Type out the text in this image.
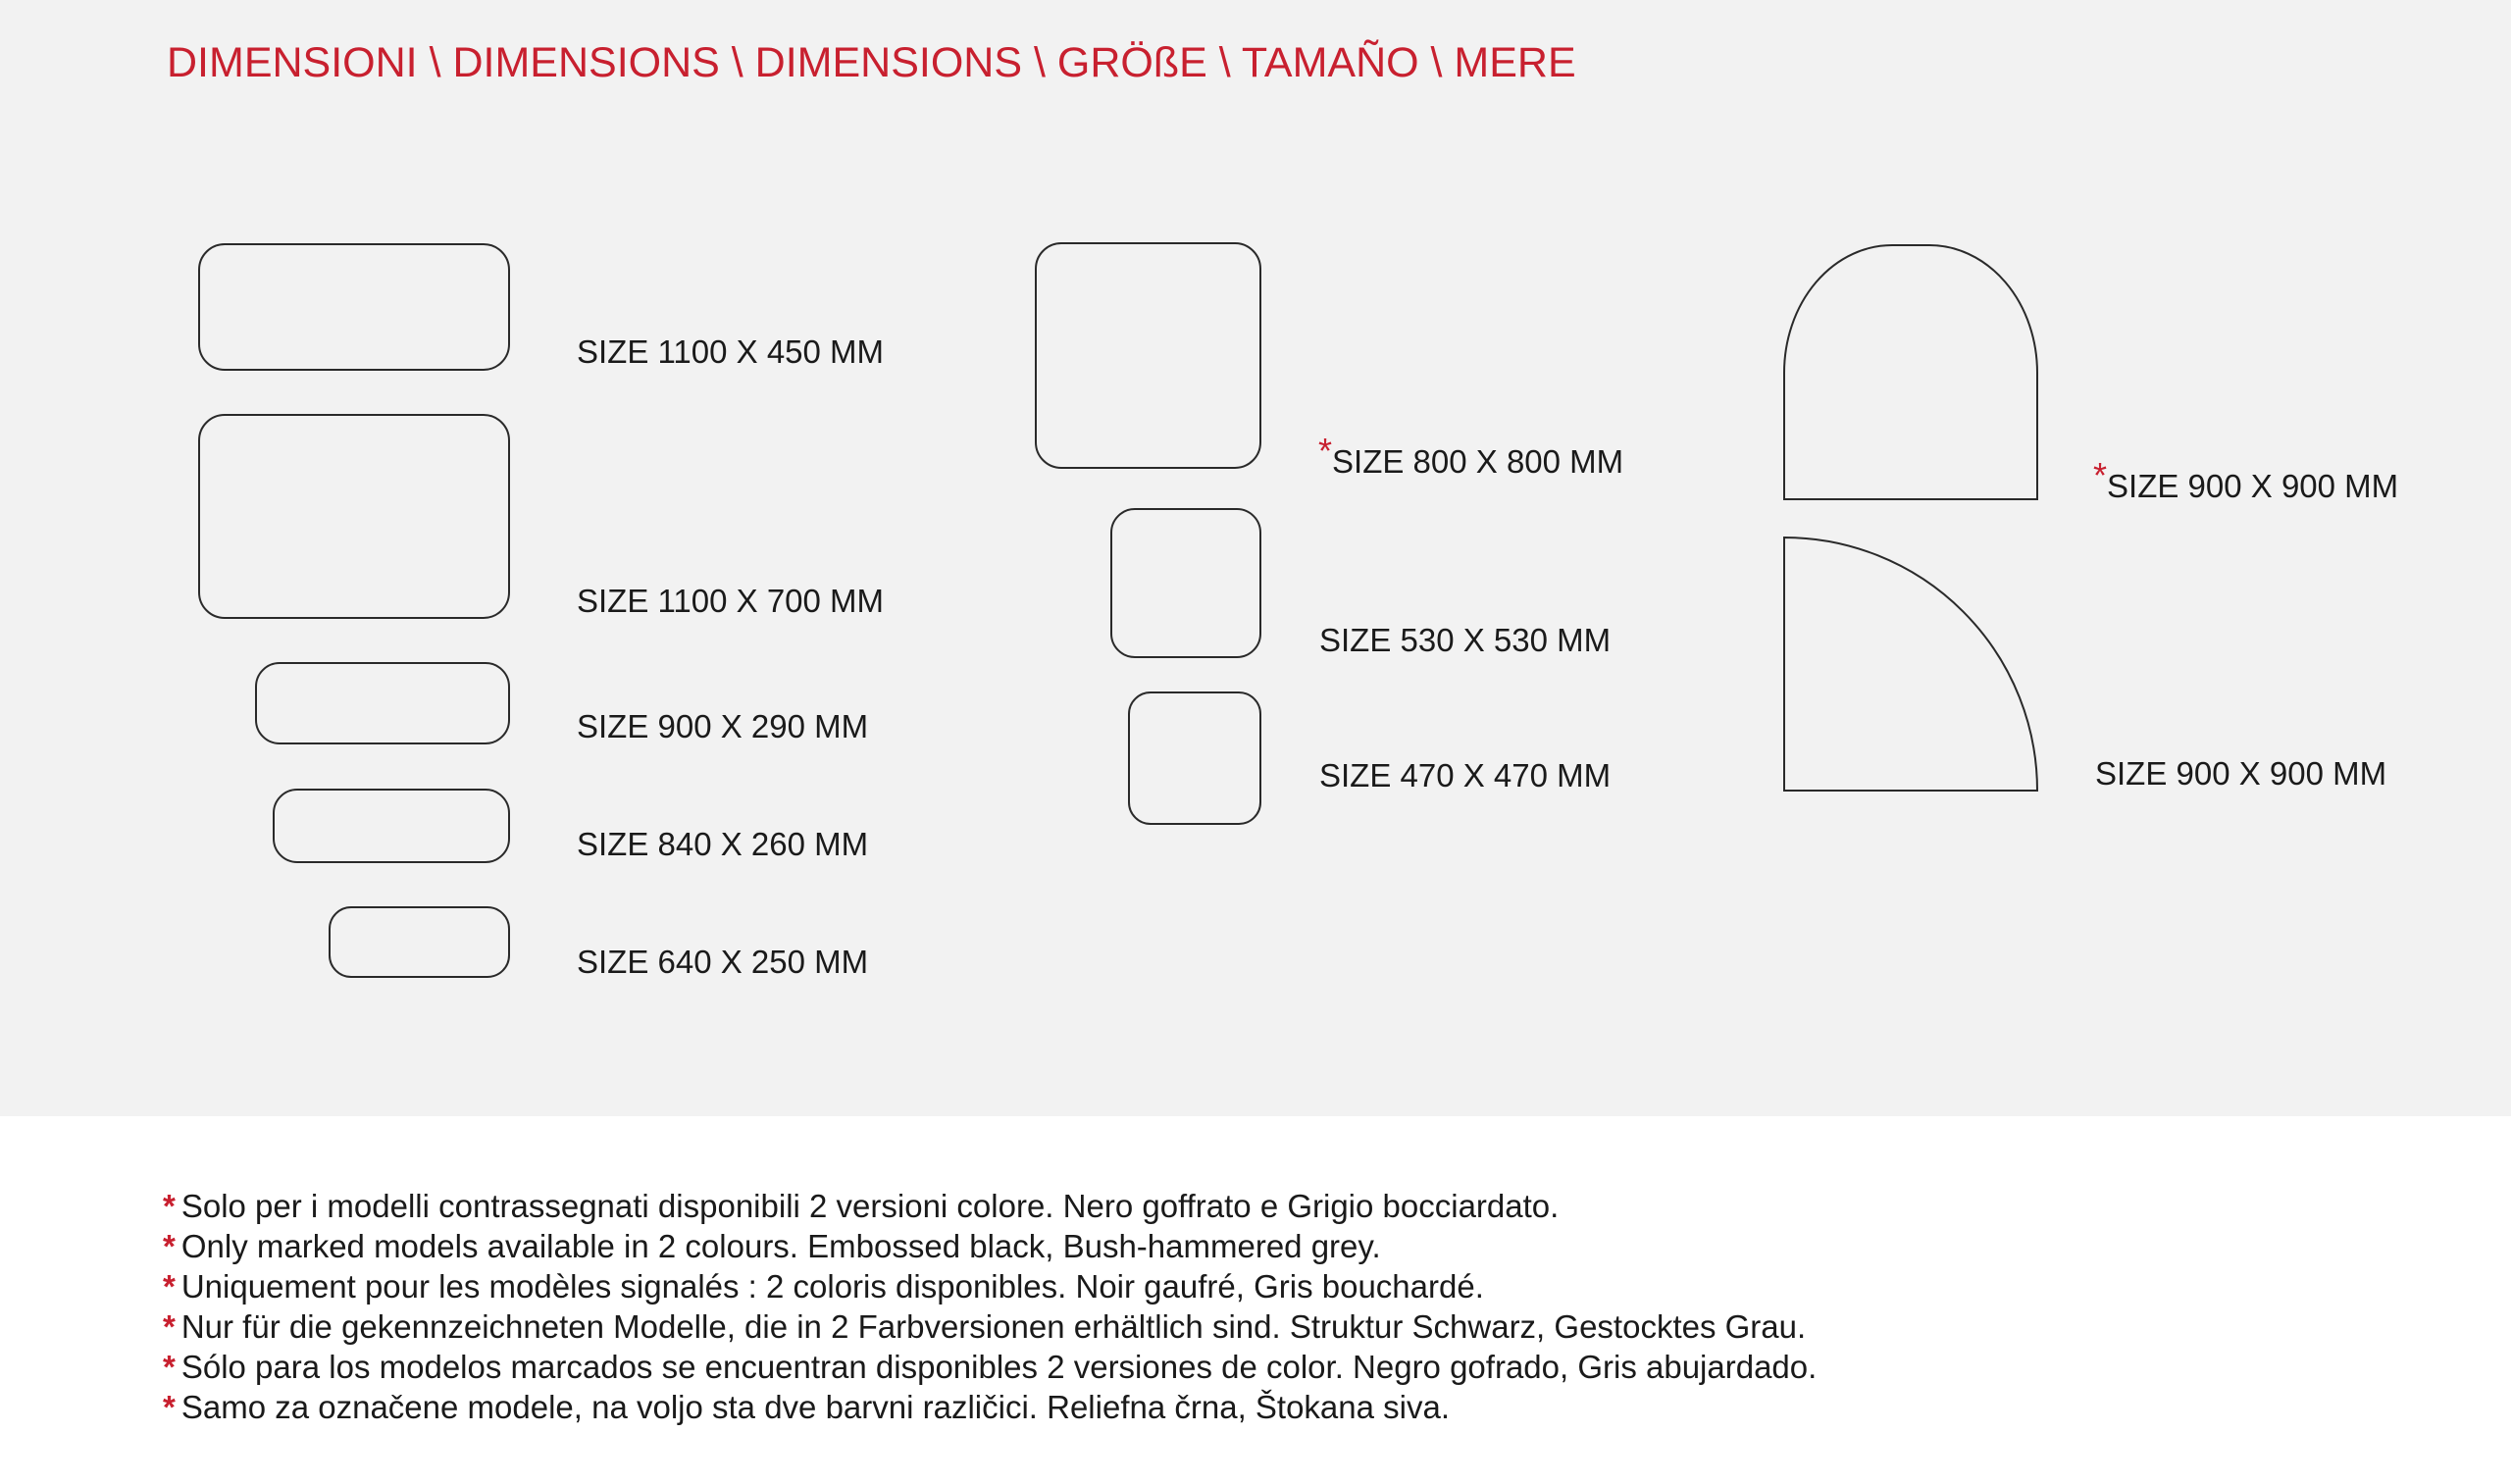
DIMENSIONI \ DIMENSIONS \ DIMENSIONS \ GRÖßE \ TAMAÑO \ MERE
SIZE 1100 X 450 MM
SIZE 1100 X 700 MM
SIZE 900 X 290 MM
SIZE 840 X 260 MM
SIZE 640 X 250 MM
*SIZE 800 X 800 MM
SIZE 530 X 530 MM
SIZE 470 X 470 MM
*SIZE 900 X 900 MM
SIZE 900 X 900 MM
* Solo per i modelli contrassegnati disponibili 2 versioni colore. Nero goffrato e Grigio bocciardato.
* Only marked models available in 2 colours. Embossed black, Bush-hammered grey.
* Uniquement pour les modèles signalés : 2 coloris disponibles. Noir gaufré, Gris bouchardé.
* Nur für die gekennzeichneten Modelle, die in 2 Farbversionen erhältlich sind. Struktur Schwarz, Gestocktes Grau.
* Sólo para los modelos marcados se encuentran disponibles 2 versiones de color. Negro gofrado, Gris abujardado.
* Samo za označene modele, na voljo sta dve barvni različici. Reliefna črna, Štokana siva.
